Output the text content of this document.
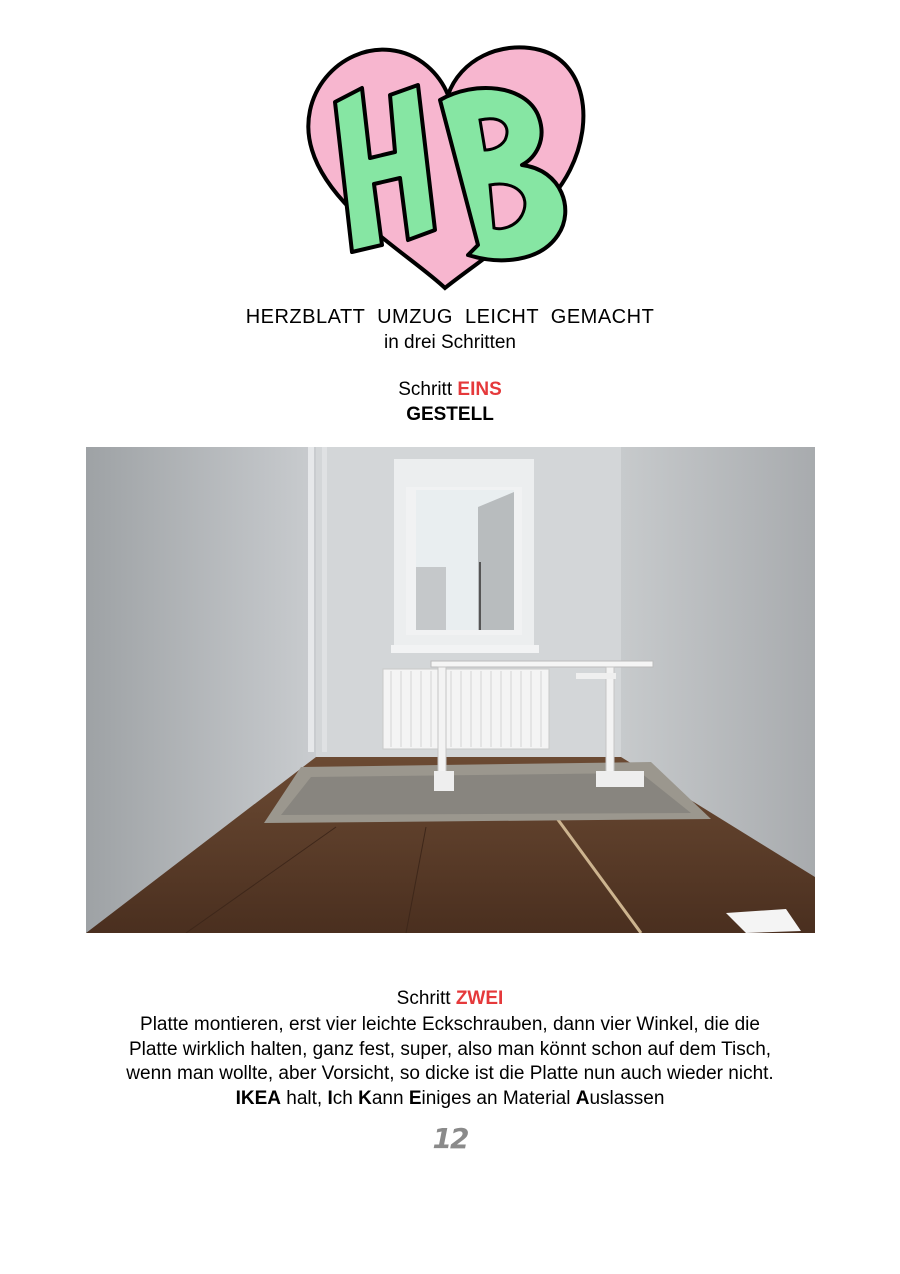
HERZBLATT UMZUG LEICHT GEMACHT
in drei Schritten
Schritt EINS
GESTELL
Schritt ZWEI
Platte montieren, erst vier leichte Eckschrauben, dann vier Winkel, die die
Platte wirklich halten, ganz fest, super, also man könnt schon auf dem Tisch,
wenn man wollte, aber Vorsicht, so dicke ist die Platte nun auch wieder nicht.
IKEA halt, Ich Kann Einiges an Material Auslassen
12
